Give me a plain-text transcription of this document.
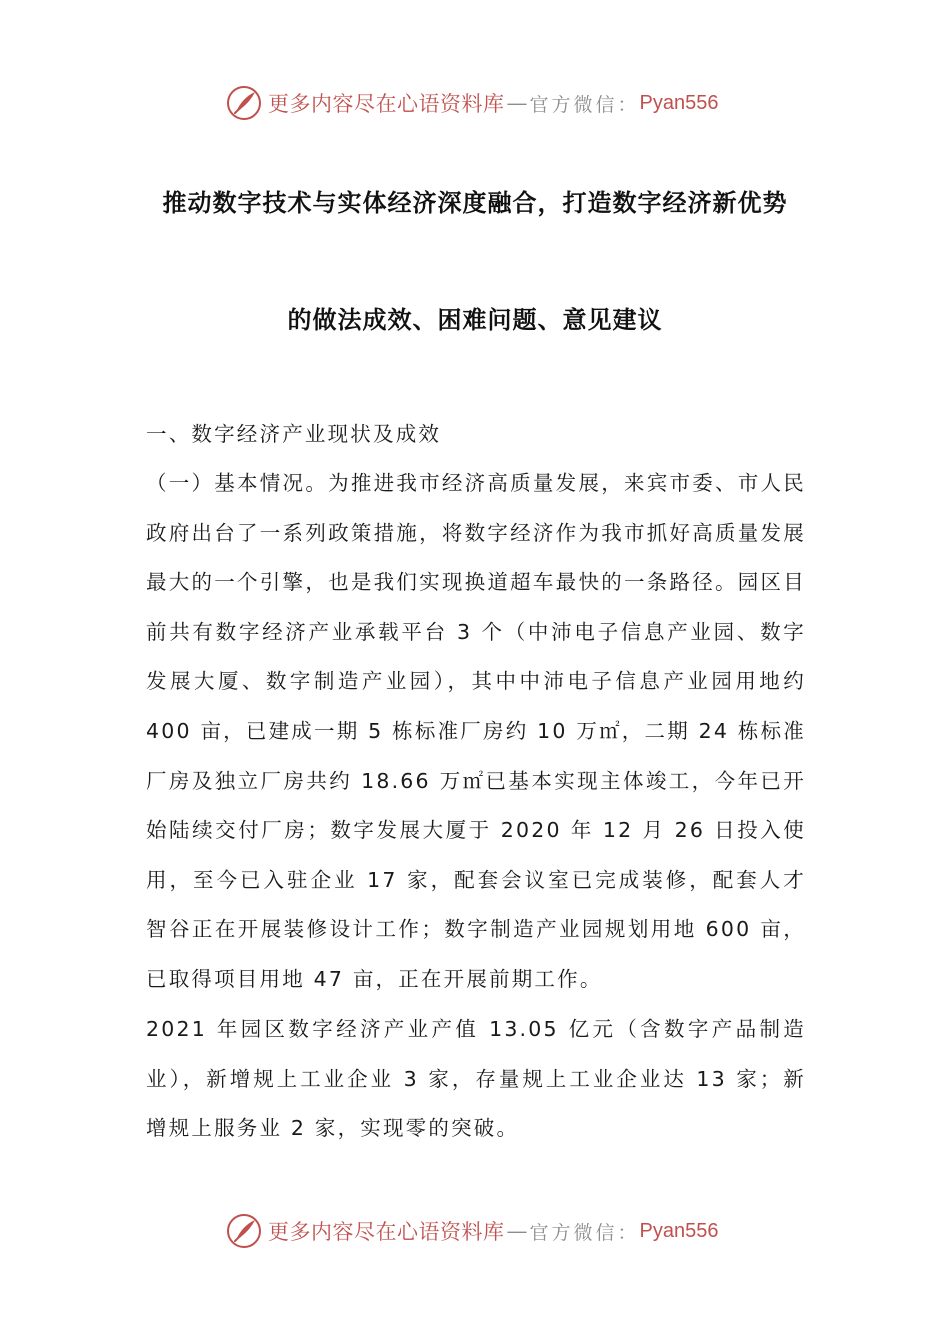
更多内容尽在心语资料库 — 官方微信： Pyan556
推动数字技术与实体经济深度融合，打造数字经济新优势
的做法成效、困难问题、意见建议

一、数字经济产业现状及成效

（一）基本情况。为推进我市经济高质量发展，来宾市委、市人民政府出台了一系列政策措施，将数字经济作为我市抓好高质量发展最大的一个引擎，也是我们实现换道超车最快的一条路径。园区目前共有数字经济产业承载平台 3 个（中沛电子信息产业园、数字发展大厦、数字制造产业园），其中中沛电子信息产业园用地约 400 亩，已建成一期 5 栋标准厂房约 10 万㎡，二期 24 栋标准厂房及独立厂房共约 18.66 万㎡已基本实现主体竣工，今年已开始陆续交付厂房；数字发展大厦于 2020 年 12 月 26 日投入使用，至今已入驻企业 17 家，配套会议室已完成装修，配套人才智谷正在开展装修设计工作；数字制造产业园规划用地 600 亩，已取得项目用地 47 亩，正在开展前期工作。

2021 年园区数字经济产业产值 13.05 亿元（含数字产品制造业），新增规上工业企业 3 家，存量规上工业企业达 13 家；新增规上服务业 2 家，实现零的突破。

更多内容尽在心语资料库 — 官方微信： Pyan556
